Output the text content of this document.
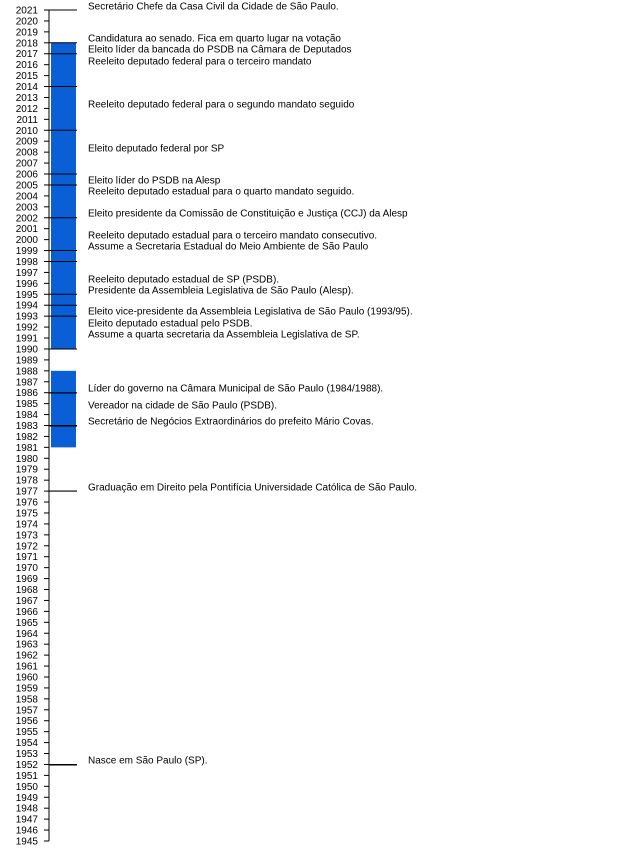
1945
1946
1947
1948
1949
1950
1951
1952
1953
1954
1955
1956
1957
1958
1959
1960
1961
1962
1963
1964
1965
1966
1967
1968
1969
1970
1971
1972
1973
1974
1975
1976
1977
1978
1979
1980
1981
1982
1983
1984
1985
1986
1987
1988
1989
1990
1991
1992
1993
1994
1995
1996
1997
1998
1999
2000
2001
2002
2003
2004
2005
2006
2007
2008
2009
2010
2011
2012
2013
2014
2015
2016
2017
2018
2019
2020
2021	Secretário Chefe da Casa Civil da Cidade de São Paulo.
Candidatura ao senado. Fica em quarto lugar na votação
Eleito líder da bancada do PSDB na Câmara de Deputados
Reeleito deputado federal para o terceiro mandato
Reeleito deputado federal para o segundo mandato seguido
Eleito deputado federal por SP
Eleito líder do PSDB na Alesp
Reeleito deputado estadual para o quarto mandato seguido.
Eleito presidente da Comissão de Constituição e Justiça (CCJ) da Alesp
Reeleito deputado estadual para o terceiro mandato consecutivo.
Assume a Secretaria Estadual do Meio Ambiente de São Paulo
Reeleito deputado estadual de SP (PSDB).
Presidente da Assembleia Legislativa de São Paulo (Alesp).
Eleito vice-presidente da Assembleia Legislativa de São Paulo (1993/95).
Eleito deputado estadual pelo PSDB.
Assume a quarta secretaria da Assembleia Legislativa de SP.
Líder do governo na Câmara Municipal de São Paulo (1984/1988).
Vereador na cidade de São Paulo (PSDB).
Secretário de Negócios Extraordinários do prefeito Mário Covas.
Graduação em Direito pela Pontifícia Universidade Católica de São Paulo.
Nasce em São Paulo (SP).
